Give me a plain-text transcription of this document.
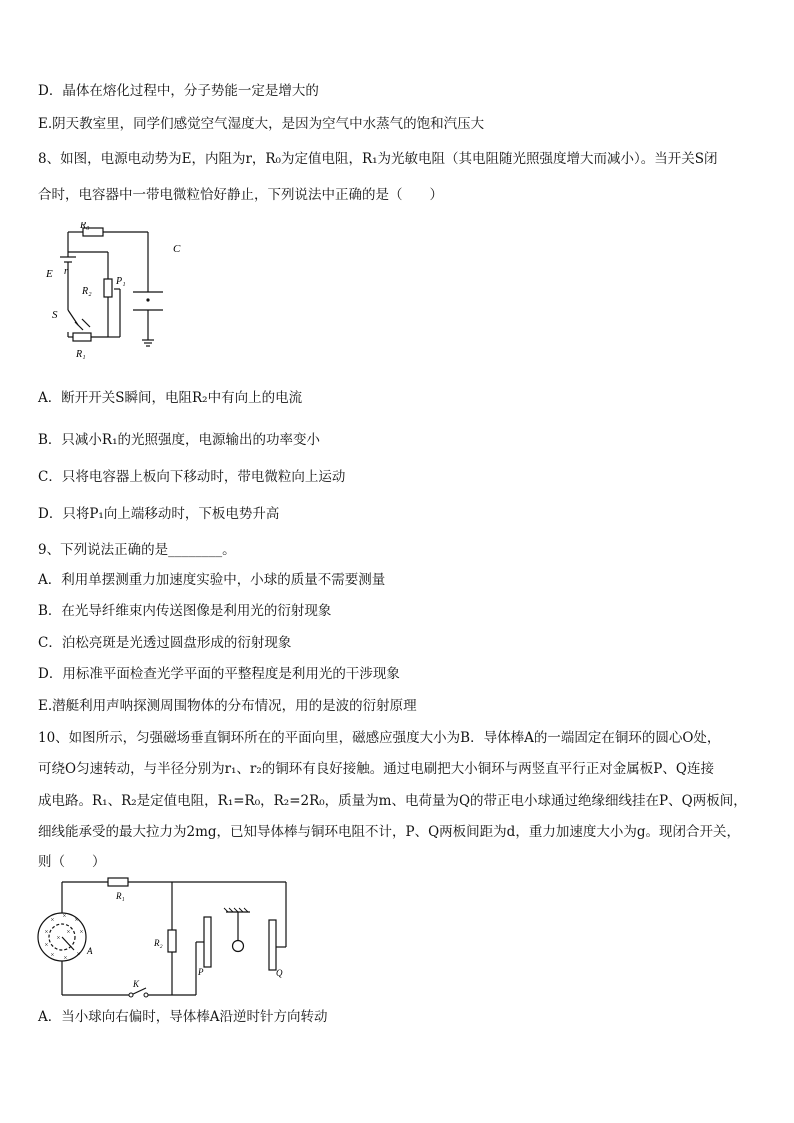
D．晶体在熔化过程中，分子势能一定是增大的
E.阴天教室里，同学们感觉空气湿度大，是因为空气中水蒸气的饱和汽压大
8、如图，电源电动势为E，内阻为r，R₀为定值电阻，R₁为光敏电阻（其电阻随光照强度增大而减小）。当开关S闭
合时，电容器中一带电微粒恰好静止，下列说法中正确的是（　　）
R₀
C
E r
R₂
P₁
S
R₁
A．断开开关S瞬间，电阻R₂中有向上的电流
B．只减小R₁的光照强度，电源输出的功率变小
C．只将电容器上板向下移动时，带电微粒向上运动
D．只将P₁向上端移动时，下板电势升高
9、下列说法正确的是________。
A．利用单摆测重力加速度实验中，小球的质量不需要测量
B．在光导纤维束内传送图像是利用光的衍射现象
C．泊松亮斑是光透过圆盘形成的衍射现象
D．用标准平面检查光学平面的平整程度是利用光的干涉现象
E.潜艇利用声呐探测周围物体的分布情况，用的是波的衍射原理
10、如图所示，匀强磁场垂直铜环所在的平面向里，磁感应强度大小为B．导体棒A的一端固定在铜环的圆心O处，
可绕O匀速转动，与半径分别为r₁、r₂的铜环有良好接触。通过电刷把大小铜环与两竖直平行正对金属板P、Q连接
成电路。R₁、R₂是定值电阻，R₁=R₀，R₂=2R₀，质量为m、电荷量为Q的带正电小球通过绝缘细线挂在P、Q两板间，
细线能承受的最大拉力为2mg，已知导体棒与铜环电阻不计，P、Q两板间距为d，重力加速度大小为g。现闭合开关，
则（　　）
×
× × ×
×
×
× × ×
×
×
R₁
R₂
A
P	Q
K
A．当小球向右偏时，导体棒A沿逆时针方向转动
